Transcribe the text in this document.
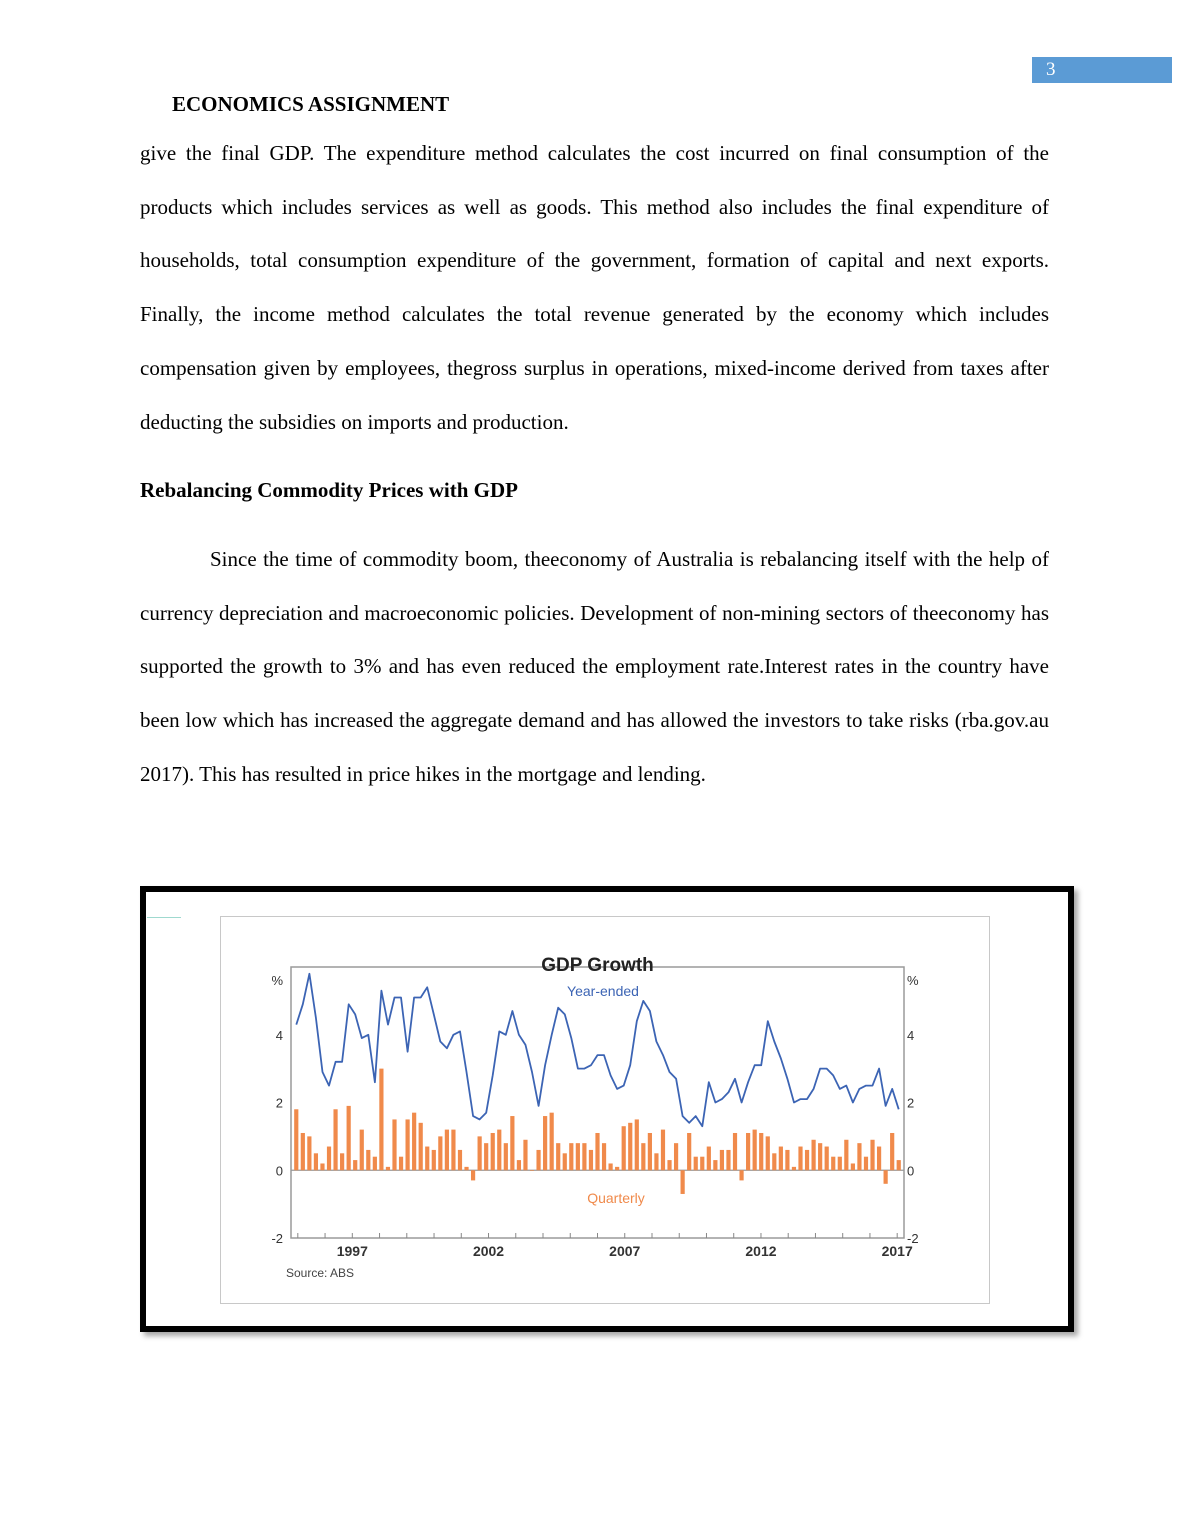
3
ECONOMICS ASSIGNMENT

give the final GDP. The expenditure method calculates the cost incurred on final consumption of the products which includes services as well as goods. This method also includes the final expenditure of households, total consumption expenditure of the government, formation of capital and next exports. Finally, the income method calculates the total revenue generated by the economy which includes compensation given by employees, thegross surplus in operations, mixed-income derived from taxes after deducting the subsidies on imports and production.

Rebalancing Commodity Prices with GDP

Since the time of commodity boom, theeconomy of Australia is rebalancing itself with the help of currency depreciation and macroeconomic policies. Development of non-mining sectors of theeconomy has supported the growth to 3% and has even reduced the employment rate.Interest rates in the country have been low which has increased the aggregate demand and has allowed the investors to take risks (rba.gov.au 2017). This has resulted in price hikes in the mortgage and lending.

GDP Growth
%	%
-2	-2
0	0
2	2
4	4
1997	2002	2007	2012	2017
Year-ended
Quarterly
Source: ABS
